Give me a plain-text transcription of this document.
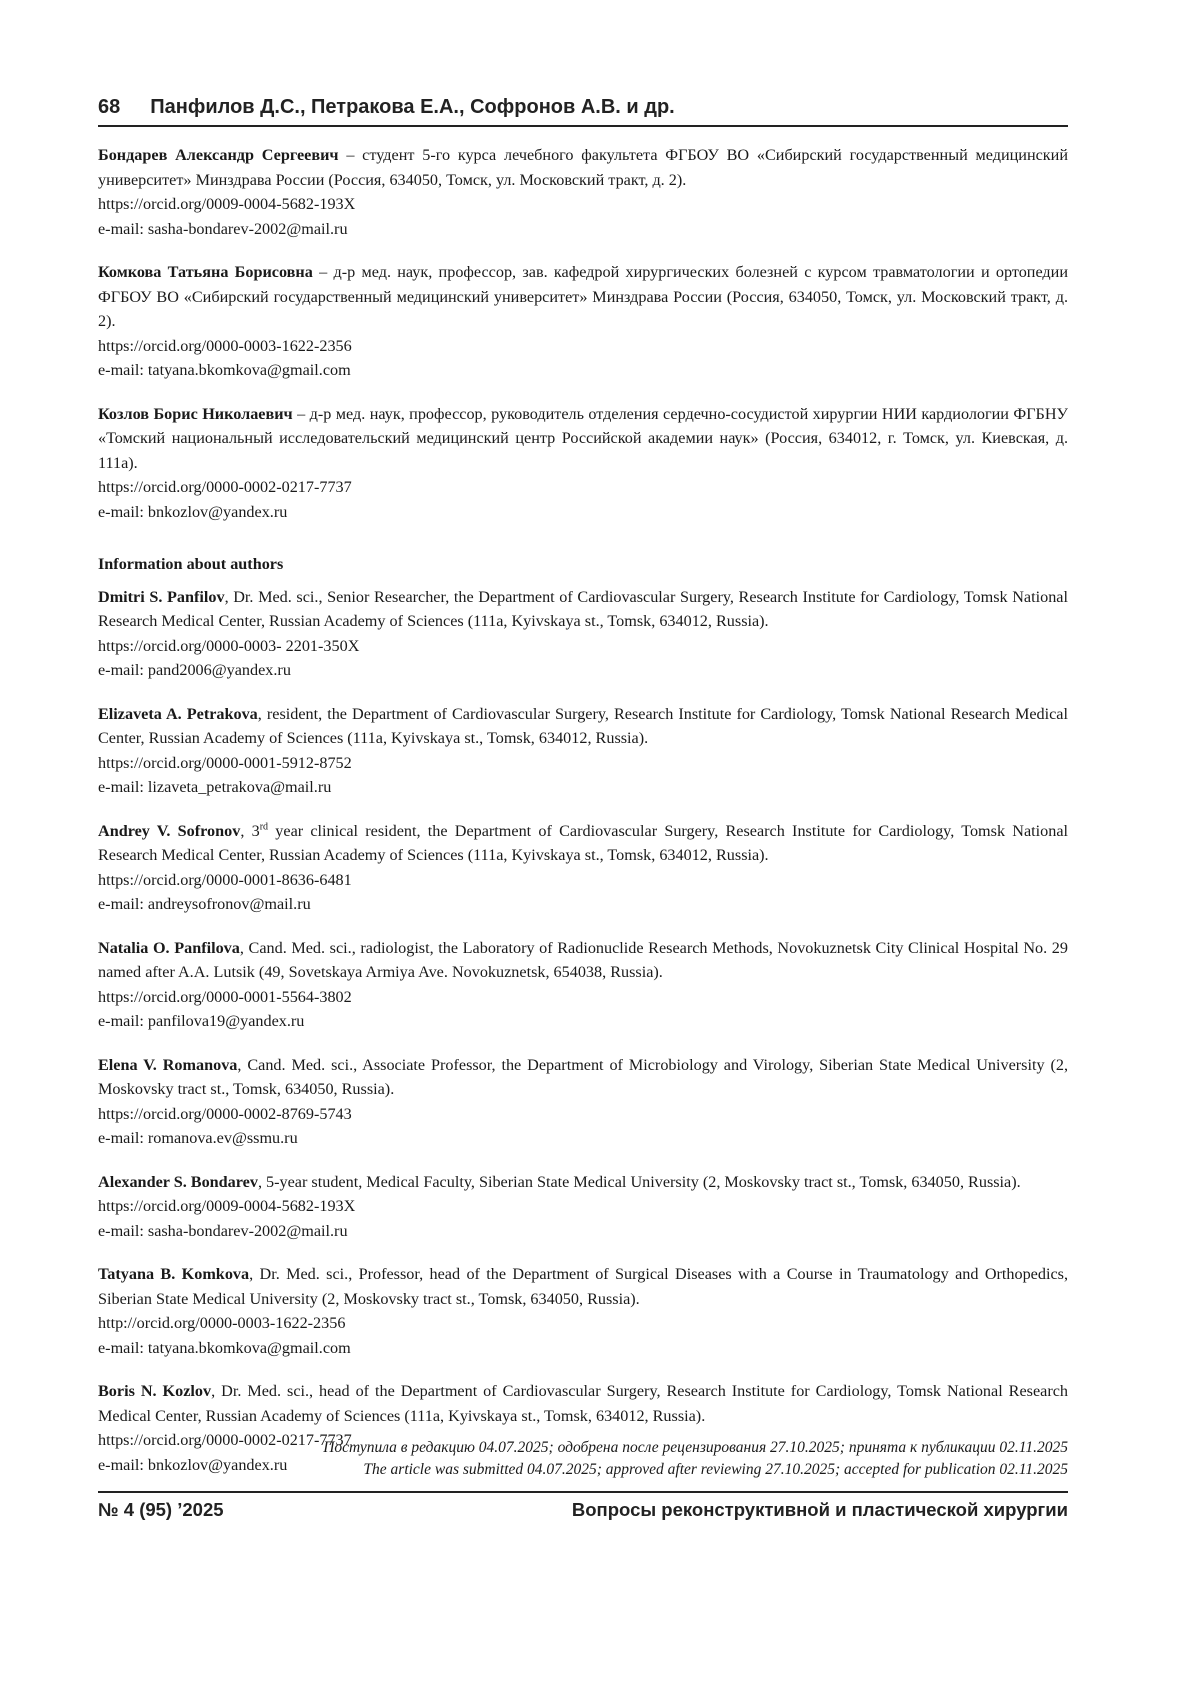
68 Панфилов Д.С., Петракова Е.А., Софронов А.В. и др.

Бондарев Александр Сергеевич – студент 5-го курса лечебного факультета ФГБОУ ВО «Сибирский государственный медицинский университет» Минздрава России (Россия, 634050, Томск, ул. Московский тракт, д. 2).

https://orcid.org/0009-0004-5682-193X

e-mail: sasha-bondarev-2002@mail.ru

Комкова Татьяна Борисовна – д-р мед. наук, профессор, зав. кафедрой хирургических болезней с курсом травматологии и ортопедии ФГБОУ ВО «Сибирский государственный медицинский университет» Минздрава России (Россия, 634050, Томск, ул. Московский тракт, д. 2).

https://orcid.org/0000-0003-1622-2356

e-mail: tatyana.bkomkova@gmail.com

Козлов Борис Николаевич – д-р мед. наук, профессор, руководитель отделения сердечно-сосудистой хирургии НИИ кардиологии ФГБНУ «Томский национальный исследовательский медицинский центр Российской академии наук» (Россия, 634012, г. Томск, ул. Киевская, д. 111а).

https://orcid.org/0000-0002-0217-7737

e-mail: bnkozlov@yandex.ru

Information about authors

Dmitri S. Panfilov, Dr. Med. sci., Senior Researcher, the Department of Cardiovascular Surgery, Research Institute for Cardiology, Tomsk National Research Medical Center, Russian Academy of Sciences (111a, Kyivskaya st., Tomsk, 634012, Russia).

https://orcid.org/0000-0003- 2201-350X

e-mail: pand2006@yandex.ru

Elizaveta A. Petrakova, resident, the Department of Cardiovascular Surgery, Research Institute for Cardiology, Tomsk National Research Medical Center, Russian Academy of Sciences (111a, Kyivskaya st., Tomsk, 634012, Russia).

https://orcid.org/0000-0001-5912-8752

e-mail: lizaveta_petrakova@mail.ru

Andrey V. Sofronov, 3rd year clinical resident, the Department of Cardiovascular Surgery, Research Institute for Cardiology, Tomsk National Research Medical Center, Russian Academy of Sciences (111a, Kyivskaya st., Tomsk, 634012, Russia).

https://orcid.org/0000-0001-8636-6481

e-mail: andreysofronov@mail.ru

Natalia O. Panfilova, Cand. Med. sci., radiologist, the Laboratory of Radionuclide Research Methods, Novokuznetsk City Clinical Hospital No. 29 named after A.A. Lutsik (49, Sovetskaya Armiya Ave. Novokuznetsk, 654038, Russia).

https://orcid.org/0000-0001-5564-3802

e-mail: panfilova19@yandex.ru

Elena V. Romanova, Cand. Med. sci., Associate Professor, the Department of Microbiology and Virology, Siberian State Medical University (2, Moskovsky tract st., Tomsk, 634050, Russia).

https://orcid.org/0000-0002-8769-5743

e-mail: romanova.ev@ssmu.ru

Alexander S. Bondarev, 5-year student, Medical Faculty, Siberian State Medical University (2, Moskovsky tract st., Tomsk, 634050, Russia).

https://orcid.org/0009-0004-5682-193X

e-mail: sasha-bondarev-2002@mail.ru

Tatyana B. Komkova, Dr. Med. sci., Professor, head of the Department of Surgical Diseases with a Course in Traumatology and Orthopedics, Siberian State Medical University (2, Moskovsky tract st., Tomsk, 634050, Russia).

http://orcid.org/0000-0003-1622-2356

e-mail: tatyana.bkomkova@gmail.com

Boris N. Kozlov, Dr. Med. sci., head of the Department of Cardiovascular Surgery, Research Institute for Cardiology, Tomsk National Research Medical Center, Russian Academy of Sciences (111a, Kyivskaya st., Tomsk, 634012, Russia).

https://orcid.org/0000-0002-0217-7737

e-mail: bnkozlov@yandex.ru

Поступила в редакцию 04.07.2025; одобрена после рецензирования 27.10.2025; принята к публикации 02.11.2025

The article was submitted 04.07.2025; approved after reviewing 27.10.2025; accepted for publication 02.11.2025

№ 4 (95) ’2025	Вопросы реконструктивной и пластической хирургии
